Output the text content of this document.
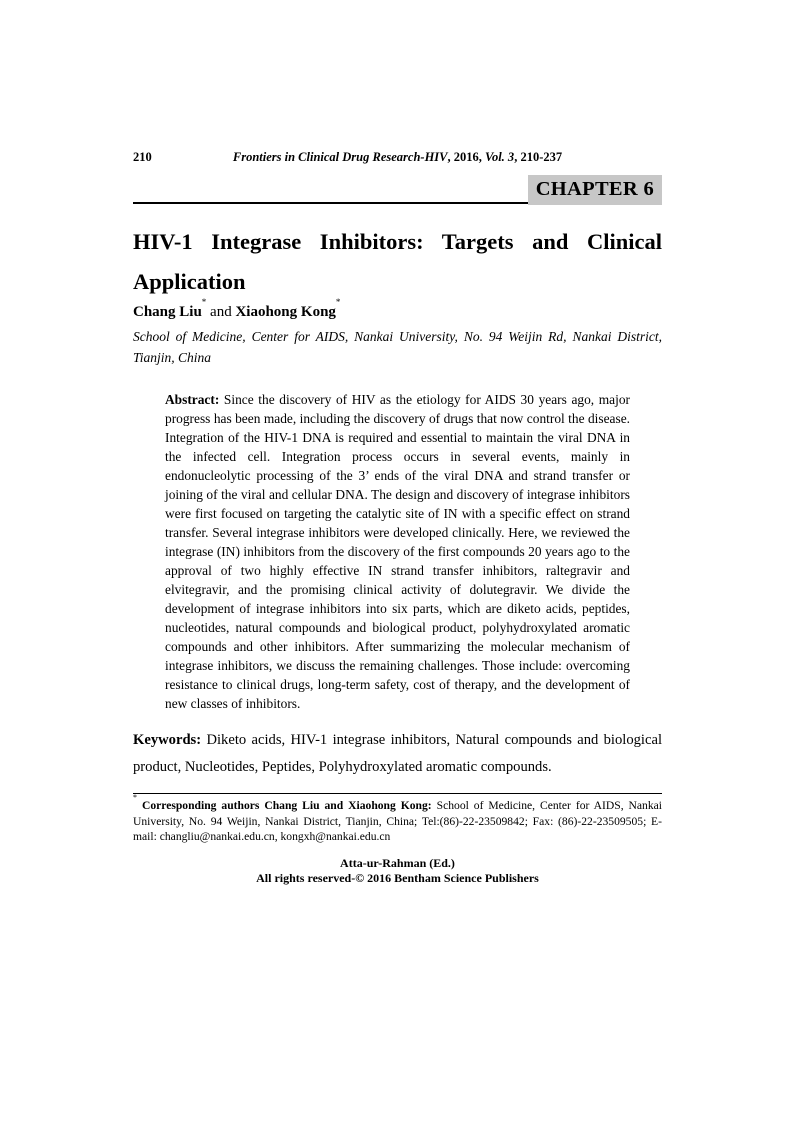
210	Frontiers in Clinical Drug Research-HIV, 2016, Vol. 3, 210-237
CHAPTER 6
HIV-1 Integrase Inhibitors: Targets and Clinical
Application
Chang Liu* and Xiaohong Kong*
School of Medicine, Center for AIDS, Nankai University, No. 94 Weijin Rd, Nankai District, Tianjin, China
Abstract: Since the discovery of HIV as the etiology for AIDS 30 years ago, major progress has been made, including the discovery of drugs that now control the disease. Integration of the HIV-1 DNA is required and essential to maintain the viral DNA in the infected cell. Integration process occurs in several events, mainly in endonucleolytic processing of the 3’ ends of the viral DNA and strand transfer or joining of the viral and cellular DNA. The design and discovery of integrase inhibitors were first focused on targeting the catalytic site of IN with a specific effect on strand transfer. Several integrase inhibitors were developed clinically. Here, we reviewed the integrase (IN) inhibitors from the discovery of the first compounds 20 years ago to the approval of two highly effective IN strand transfer inhibitors, raltegravir and elvitegravir, and the promising clinical activity of dolutegravir. We divide the development of integrase inhibitors into six parts, which are diketo acids, peptides, nucleotides, natural compounds and biological product, polyhydroxylated aromatic compounds and other inhibitors. After summarizing the molecular mechanism of integrase inhibitors, we discuss the remaining challenges. Those include: overcoming resistance to clinical drugs, long-term safety, cost of therapy, and the development of new classes of inhibitors.
Keywords: Diketo acids, HIV-1 integrase inhibitors, Natural compounds and biological product, Nucleotides, Peptides, Polyhydroxylated aromatic compounds.
* Corresponding authors Chang Liu and Xiaohong Kong: School of Medicine, Center for AIDS, Nankai University, No. 94 Weijin, Nankai District, Tianjin, China; Tel:(86)-22-23509842; Fax: (86)-22-23509505; E-mail: changliu@nankai.edu.cn, kongxh@nankai.edu.cn
Atta-ur-Rahman (Ed.)
All rights reserved-© 2016 Bentham Science Publishers
